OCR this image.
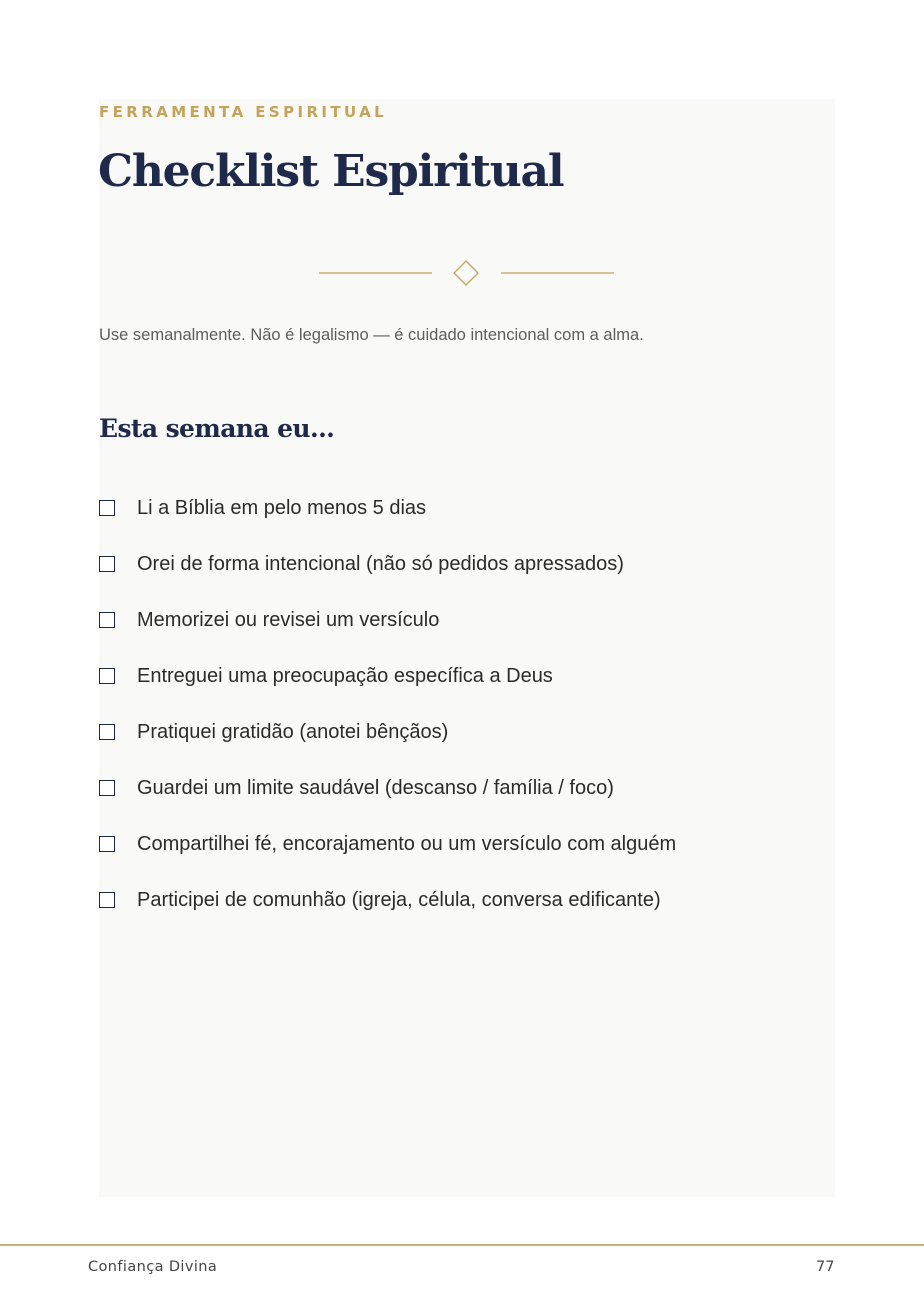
FERRAMENTA ESPIRITUAL

Checklist Espiritual

Use semanalmente. Não é legalismo — é cuidado intencional com a alma.

Esta semana eu...
Li a Bíblia em pelo menos 5 dias
Orei de forma intencional (não só pedidos apressados)
Memorizei ou revisei um versículo
Entreguei uma preocupação específica a Deus
Pratiquei gratidão (anotei bênçãos)
Guardei um limite saudável (descanso / família / foco)
Compartilhei fé, encorajamento ou um versículo com alguém
Participei de comunhão (igreja, célula, conversa edificante)

Confiança Divina	77
